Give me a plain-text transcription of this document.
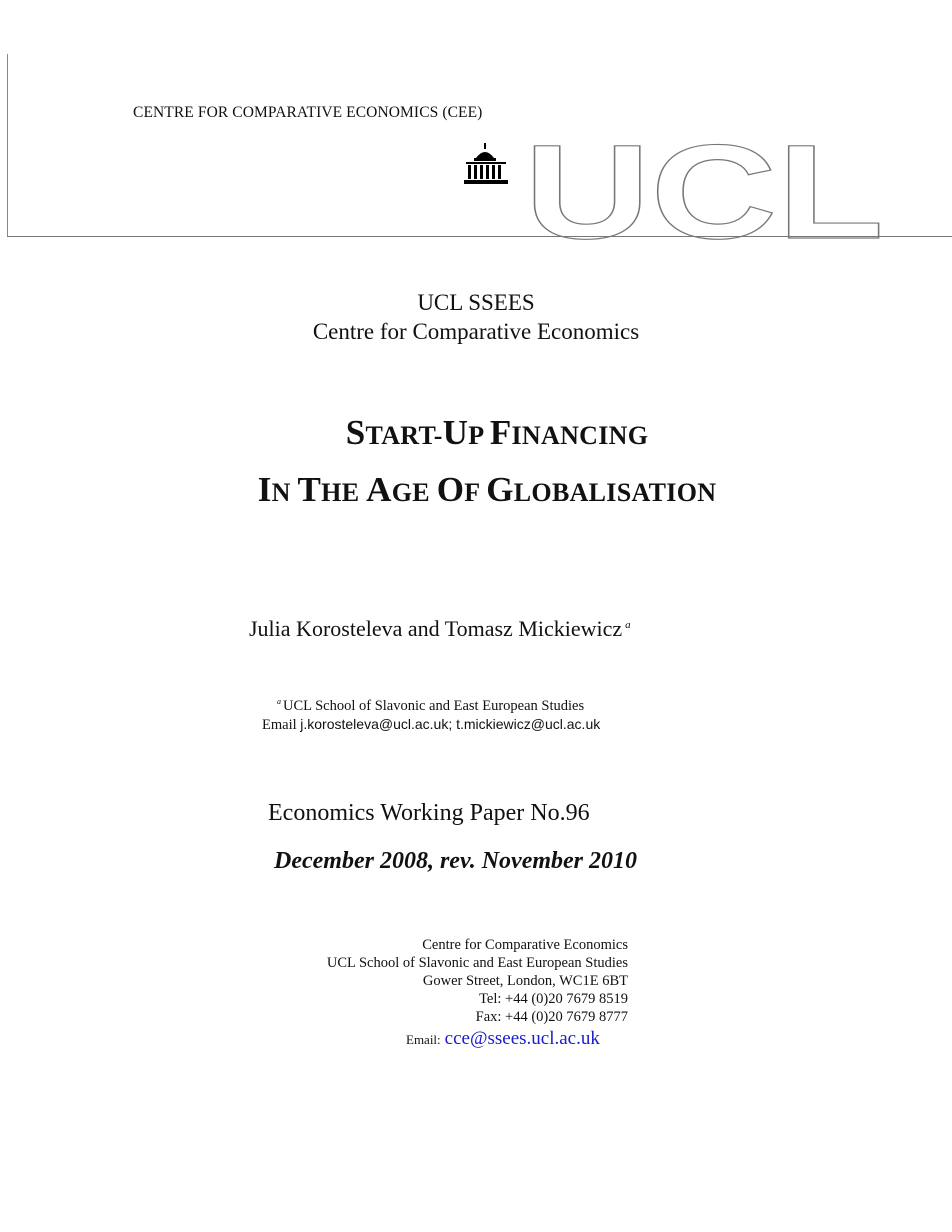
CENTRE FOR COMPARATIVE ECONOMICS (CEE)
UCL
UCL SSEES
Centre for Comparative Economics
START-UP FINANCING
IN THE AGE OF GLOBALISATION
Julia Korosteleva and Tomasz Mickiewicz $^a$
$^a$ UCL School of Slavonic and East European Studies
Email j.korosteleva@ucl.ac.uk; t.mickiewicz@ucl.ac.uk
Economics Working Paper No.96
December 2008, rev. November 2010
Centre for Comparative Economics
UCL School of Slavonic and East European Studies
Gower Street, London, WC1E 6BT
Tel: +44 (0)20 7679 8519
Fax: +44 (0)20 7679 8777
Email: cce@ssees.ucl.ac.uk
